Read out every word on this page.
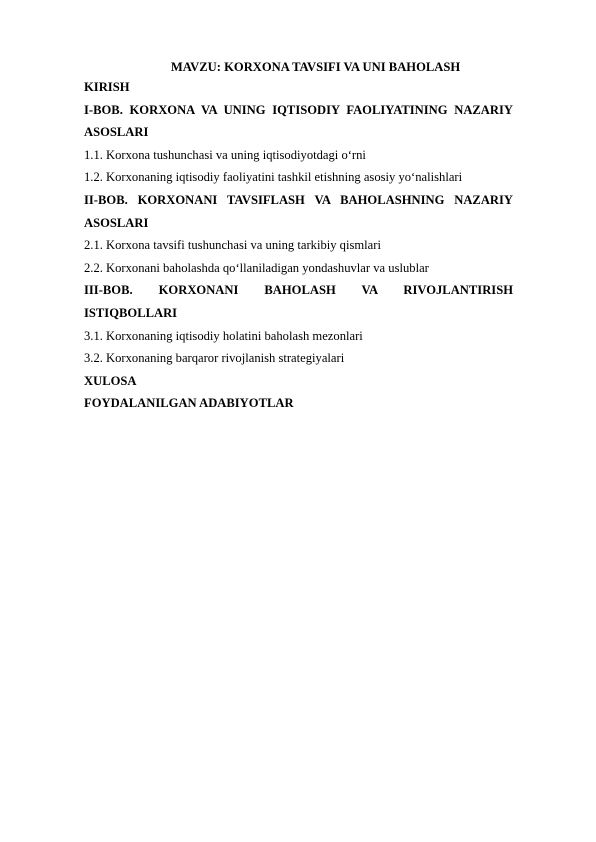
MAVZU: KORXONA TAVSIFI VA UNI BAHOLASH
KIRISH
I-BOB. KORXONA VA UNING IQTISODIY FAOLIYATINING NAZARIY
ASOSLARI
1.1. Korxona tushunchasi va uning iqtisodiyotdagi o‘rni
1.2. Korxonaning iqtisodiy faoliyatini tashkil etishning asosiy yo‘nalishlari
II-BOB. KORXONANI TAVSIFLASH VA BAHOLASHNING NAZARIY
ASOSLARI
2.1. Korxona tavsifi tushunchasi va uning tarkibiy qismlari
2.2. Korxonani baholashda qo‘llaniladigan yondashuvlar va uslublar
III-BOB. KORXONANI BAHOLASH VA RIVOJLANTIRISH
ISTIQBOLLARI
3.1. Korxonaning iqtisodiy holatini baholash mezonlari
3.2. Korxonaning barqaror rivojlanish strategiyalari
XULOSA
FOYDALANILGAN ADABIYOTLAR
